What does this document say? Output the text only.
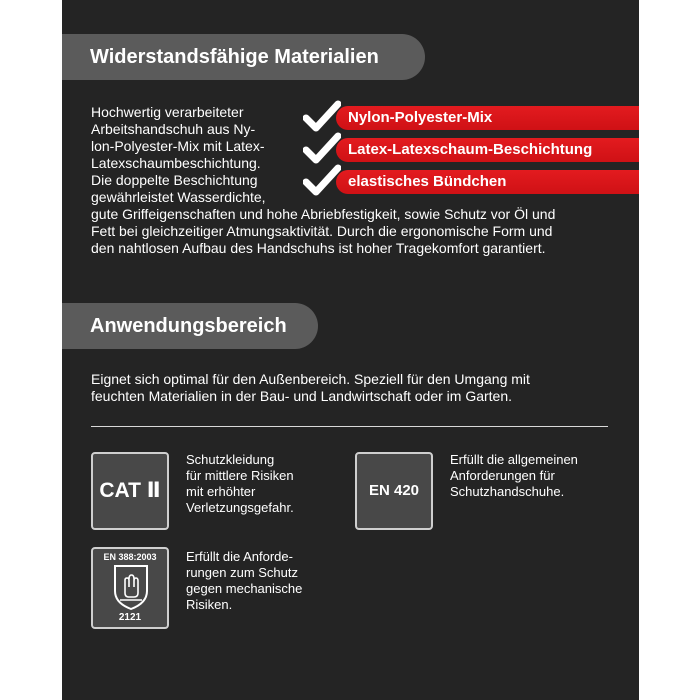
Widerstandsfähige Materialien
Hochwertig verarbeiteter
Arbeitshandschuh aus Ny-
lon-Polyester-Mix mit Latex-
Latexschaumbeschichtung.
Die doppelte Beschichtung
gewährleistet Wasserdichte,
Nylon-Polyester-Mix
Latex-Latexschaum-Beschichtung
elastisches Bündchen
gute Griffeigenschaften und hohe Abriebfestigkeit, sowie Schutz vor Öl und
Fett bei gleichzeitiger Atmungsaktivität. Durch die ergonomische Form und
den nahtlosen Aufbau des Handschuhs ist hoher Tragekomfort garantiert.
Anwendungsbereich
Eignet sich optimal für den Außenbereich. Speziell für den Umgang mit
feuchten Materialien in der Bau- und Landwirtschaft oder im Garten.
CAT Ⅱ
Schutzkleidung
für mittlere Risiken
mit erhöhter
Verletzungsgefahr.
EN 420
Erfüllt die allgemeinen
Anforderungen für
Schutzhandschuhe.
EN 388:2003
2121
Erfüllt die Anforde-
rungen zum Schutz
gegen mechanische
Risiken.
